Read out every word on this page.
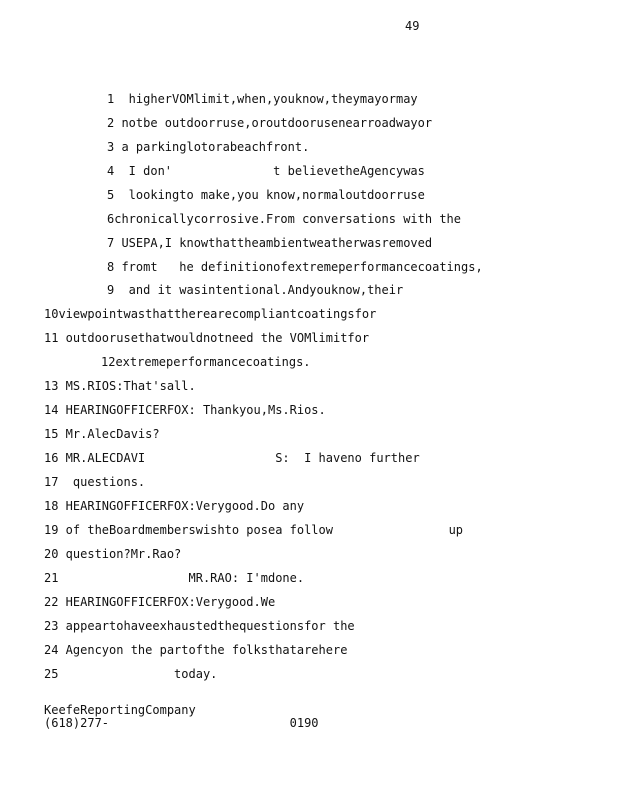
49
1  higherVOMlimit,when,youknow,theymayormay
2 notbe outdoorruse,oroutdoorusenearroadwayor
3 a parkinglotorabeachfront.
4  I don'              t believetheAgencywas
5  lookingto make,you know,normaloutdoorruse
6chronicallycorrosive.From conversations with the
7 USEPA,I knowthattheambientweatherwasremoved
8 fromt   he definitionofextremeperformancecoatings,
9  and it wasintentional.Andyouknow,their
10viewpointwasthattherearecompliantcoatingsfor
11 outdoorusethatwouldnotneed the VOMlimitfor
12extremeperformancecoatings.
13 MS.RIOS:That'sall.
14 HEARINGOFFICERFOX: Thankyou,Ms.Rios.
15 Mr.AlecDavis?
16 MR.ALECDAVI                  S:  I haveno further
17  questions.
18 HEARINGOFFICERFOX:Verygood.Do any
19 of theBoardmemberswishto posea follow                up
20 question?Mr.Rao?
21                  MR.RAO: I'mdone.
22 HEARINGOFFICERFOX:Verygood.We
23 appeartohaveexhaustedthequestionsfor the
24 Agencyon the partofthe folksthatarehere
25                today.
KeefeReportingCompany
(618)277-                         0190
